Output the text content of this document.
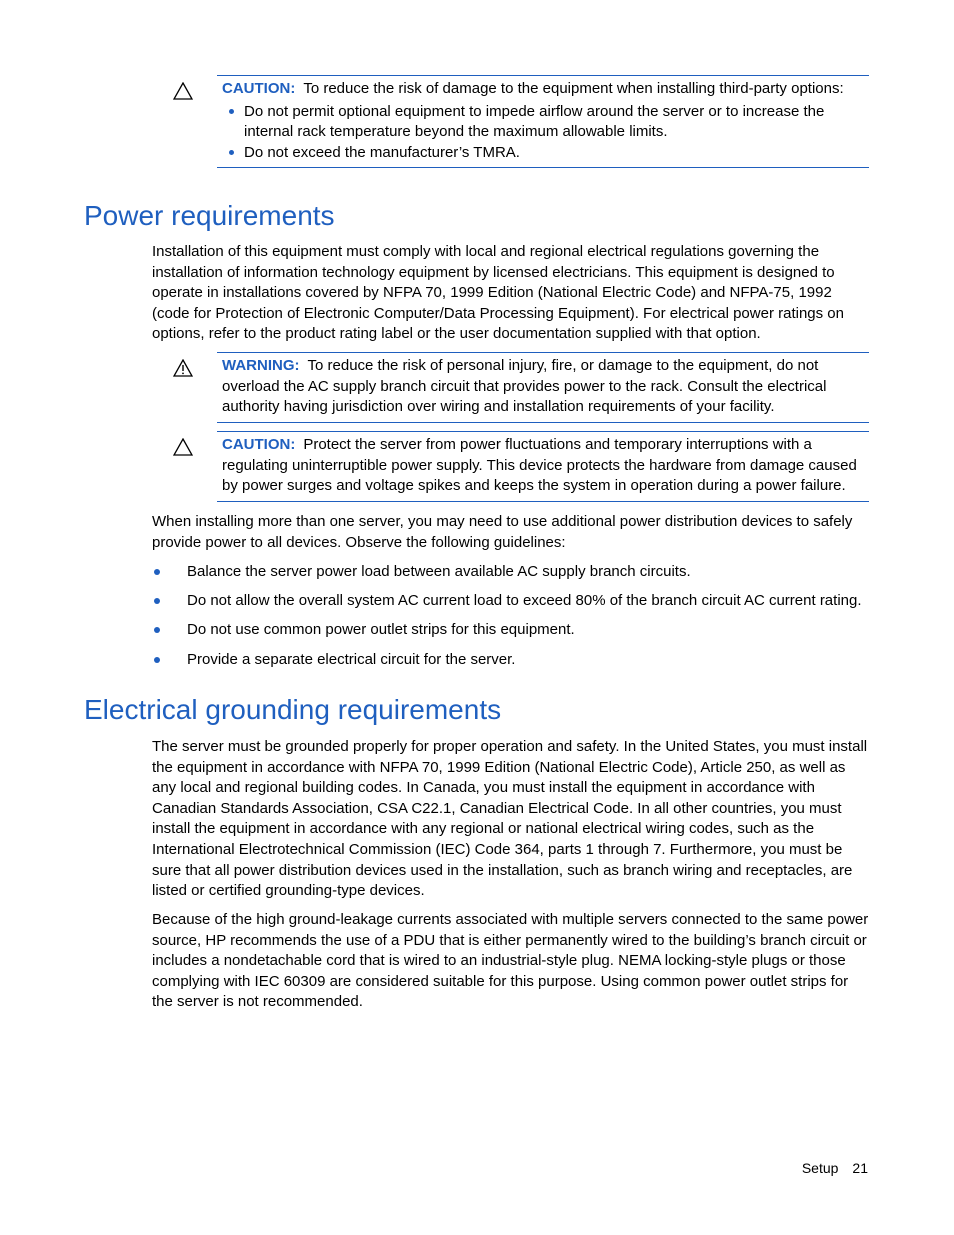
CAUTION: To reduce the risk of damage to the equipment when installing third-party options:
Do not permit optional equipment to impede airflow around the server or to increase the internal rack temperature beyond the maximum allowable limits.
Do not exceed the manufacturer’s TMRA.
Power requirements

Installation of this equipment must comply with local and regional electrical regulations governing the installation of information technology equipment by licensed electricians. This equipment is designed to operate in installations covered by NFPA 70, 1999 Edition (National Electric Code) and NFPA-75, 1992 (code for Protection of Electronic Computer/Data Processing Equipment). For electrical power ratings on options, refer to the product rating label or the user documentation supplied with that option.

WARNING: To reduce the risk of personal injury, fire, or damage to the equipment, do not overload the AC supply branch circuit that provides power to the rack. Consult the electrical authority having jurisdiction over wiring and installation requirements of your facility.
CAUTION: Protect the server from power fluctuations and temporary interruptions with a regulating uninterruptible power supply. This device protects the hardware from damage caused by power surges and voltage spikes and keeps the system in operation during a power failure.

When installing more than one server, you may need to use additional power distribution devices to safely provide power to all devices. Observe the following guidelines:

Balance the server power load between available AC supply branch circuits.
Do not allow the overall system AC current load to exceed 80% of the branch circuit AC current rating.
Do not use common power outlet strips for this equipment.
Provide a separate electrical circuit for the server.
Electrical grounding requirements

The server must be grounded properly for proper operation and safety. In the United States, you must install the equipment in accordance with NFPA 70, 1999 Edition (National Electric Code), Article 250, as well as any local and regional building codes. In Canada, you must install the equipment in accordance with Canadian Standards Association, CSA C22.1, Canadian Electrical Code. In all other countries, you must install the equipment in accordance with any regional or national electrical wiring codes, such as the International Electrotechnical Commission (IEC) Code 364, parts 1 through 7. Furthermore, you must be sure that all power distribution devices used in the installation, such as branch wiring and receptacles, are listed or certified grounding-type devices.

Because of the high ground-leakage currents associated with multiple servers connected to the same power source, HP recommends the use of a PDU that is either permanently wired to the building’s branch circuit or includes a nondetachable cord that is wired to an industrial-style plug. NEMA locking-style plugs or those complying with IEC 60309 are considered suitable for this purpose. Using common power outlet strips for the server is not recommended.

Setup 21
